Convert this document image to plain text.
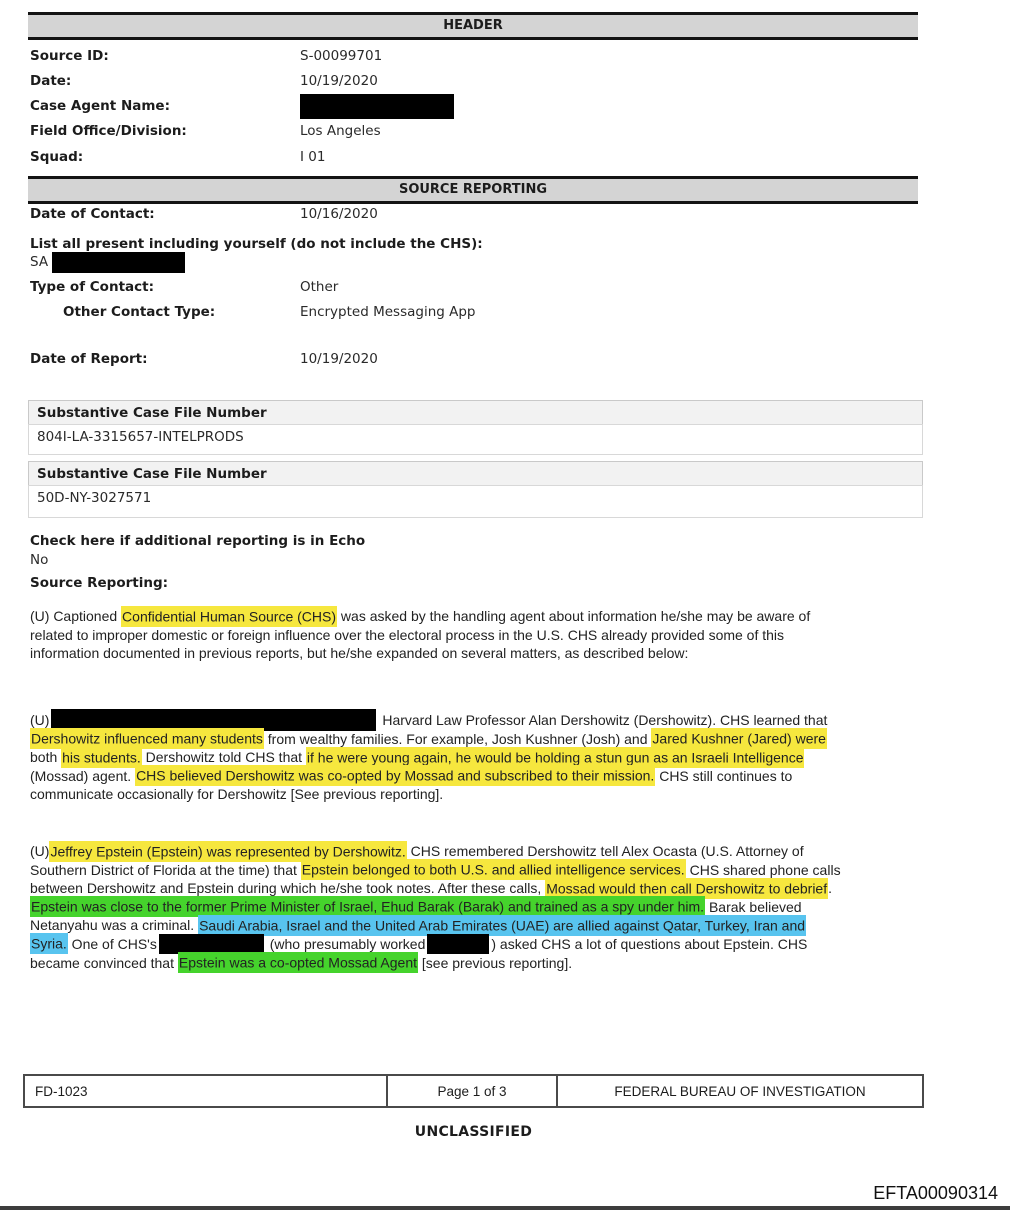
HEADER
Source ID:	S-00099701
Date:	10/19/2020
Case Agent Name:
Field Office/Division:	Los Angeles
Squad:	I 01
SOURCE REPORTING
Date of Contact:	10/16/2020
List all present including yourself (do not include the CHS):
SA
Type of Contact:	Other
Other Contact Type:	Encrypted Messaging App
Date of Report:	10/19/2020
Substantive Case File Number
804I-LA-3315657-INTELPRODS
Substantive Case File Number
50D-NY-3027571
Check here if additional reporting is in Echo
No
Source Reporting:
(U) Captioned Confidential Human Source (CHS) was asked by the handling agent about information he/she may be aware of
related to improper domestic or foreign influence over the electoral process in the U.S. CHS already provided some of this
information documented in previous reports, but he/she expanded on several matters, as described below:
(U)	Harvard Law Professor Alan Dershowitz (Dershowitz). CHS learned that
Dershowitz influenced many students from wealthy families. For example, Josh Kushner (Josh) and Jared Kushner (Jared) were
both his students. Dershowitz told CHS that if he were young again, he would be holding a stun gun as an Israeli Intelligence
(Mossad) agent. CHS believed Dershowitz was co-opted by Mossad and subscribed to their mission. CHS still continues to
communicate occasionally for Dershowitz [See previous reporting].
(U)Jeffrey Epstein (Epstein) was represented by Dershowitz. CHS remembered Dershowitz tell Alex Ocasta (U.S. Attorney of
Southern District of Florida at the time) that Epstein belonged to both U.S. and allied intelligence services. CHS shared phone calls
between Dershowitz and Epstein during which he/she took notes. After these calls, Mossad would then call Dershowitz to debrief.
Epstein was close to the former Prime Minister of Israel, Ehud Barak (Barak) and trained as a spy under him. Barak believed
Netanyahu was a criminal. Saudi Arabia, Israel and the United Arab Emirates (UAE) are allied against Qatar, Turkey, Iran and
Syria. One of CHS's	(who presumably worked	) asked CHS a lot of questions about Epstein. CHS
became convinced that Epstein was a co-opted Mossad Agent [see previous reporting].
FD-1023	Page 1 of 3	FEDERAL BUREAU OF INVESTIGATION
UNCLASSIFIED
EFTA00090314
